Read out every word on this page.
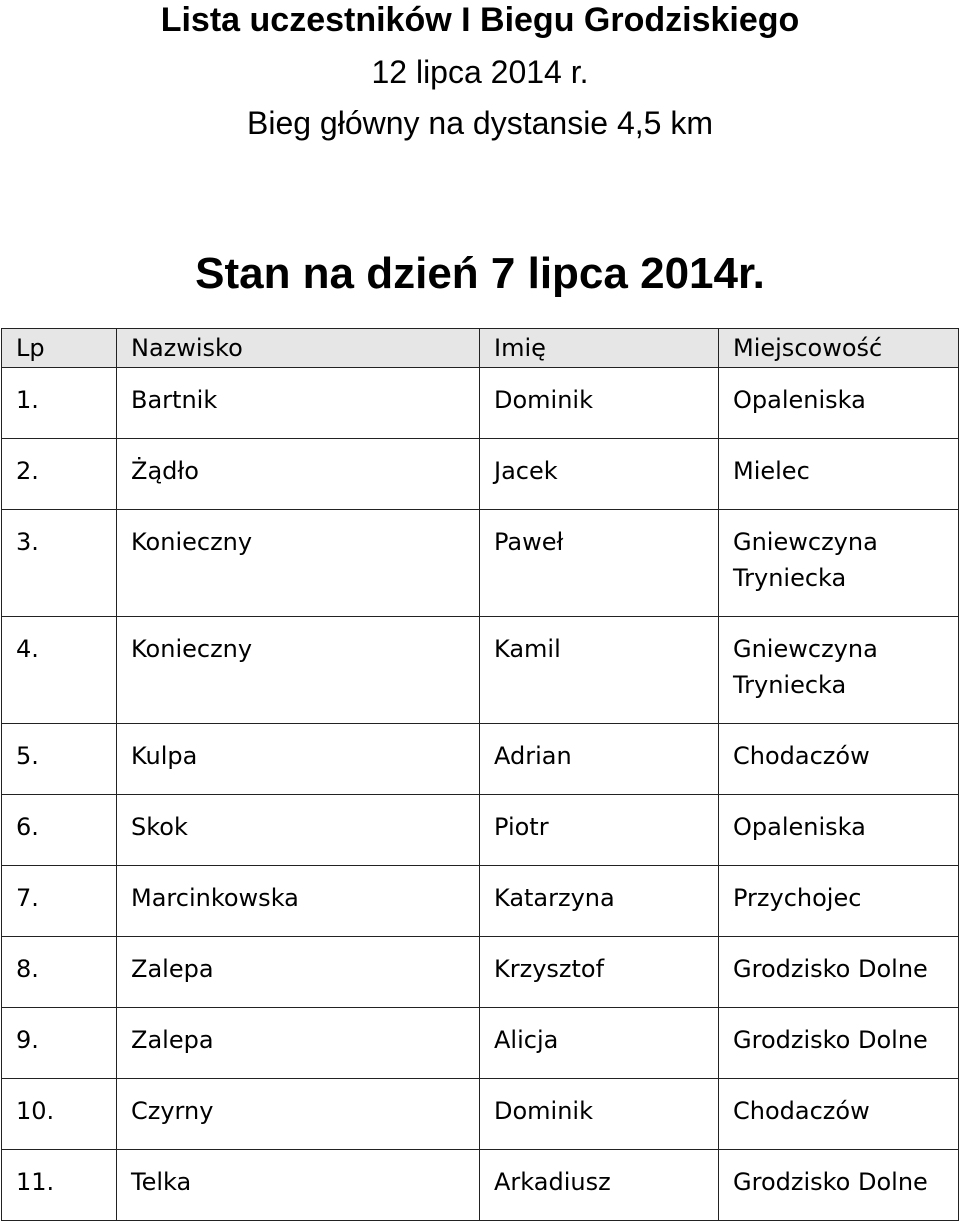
Lista uczestników I Biegu Grodziskiego
12 lipca 2014 r.
Bieg główny na dystansie 4,5 km
Stan na dzień 7 lipca 2014r.
Lp	Nazwisko	Imię	Miejscowość
1.	Bartnik	Dominik	Opaleniska
2.	Żądło	Jacek	Mielec
3.	Konieczny	Paweł	Gniewczyna Tryniecka
4.	Konieczny	Kamil	Gniewczyna Tryniecka
5.	Kulpa	Adrian	Chodaczów
6.	Skok	Piotr	Opaleniska
7.	Marcinkowska	Katarzyna	Przychojec
8.	Zalepa	Krzysztof	Grodzisko Dolne
9.	Zalepa	Alicja	Grodzisko Dolne
10.	Czyrny	Dominik	Chodaczów
11.	Telka	Arkadiusz	Grodzisko Dolne
